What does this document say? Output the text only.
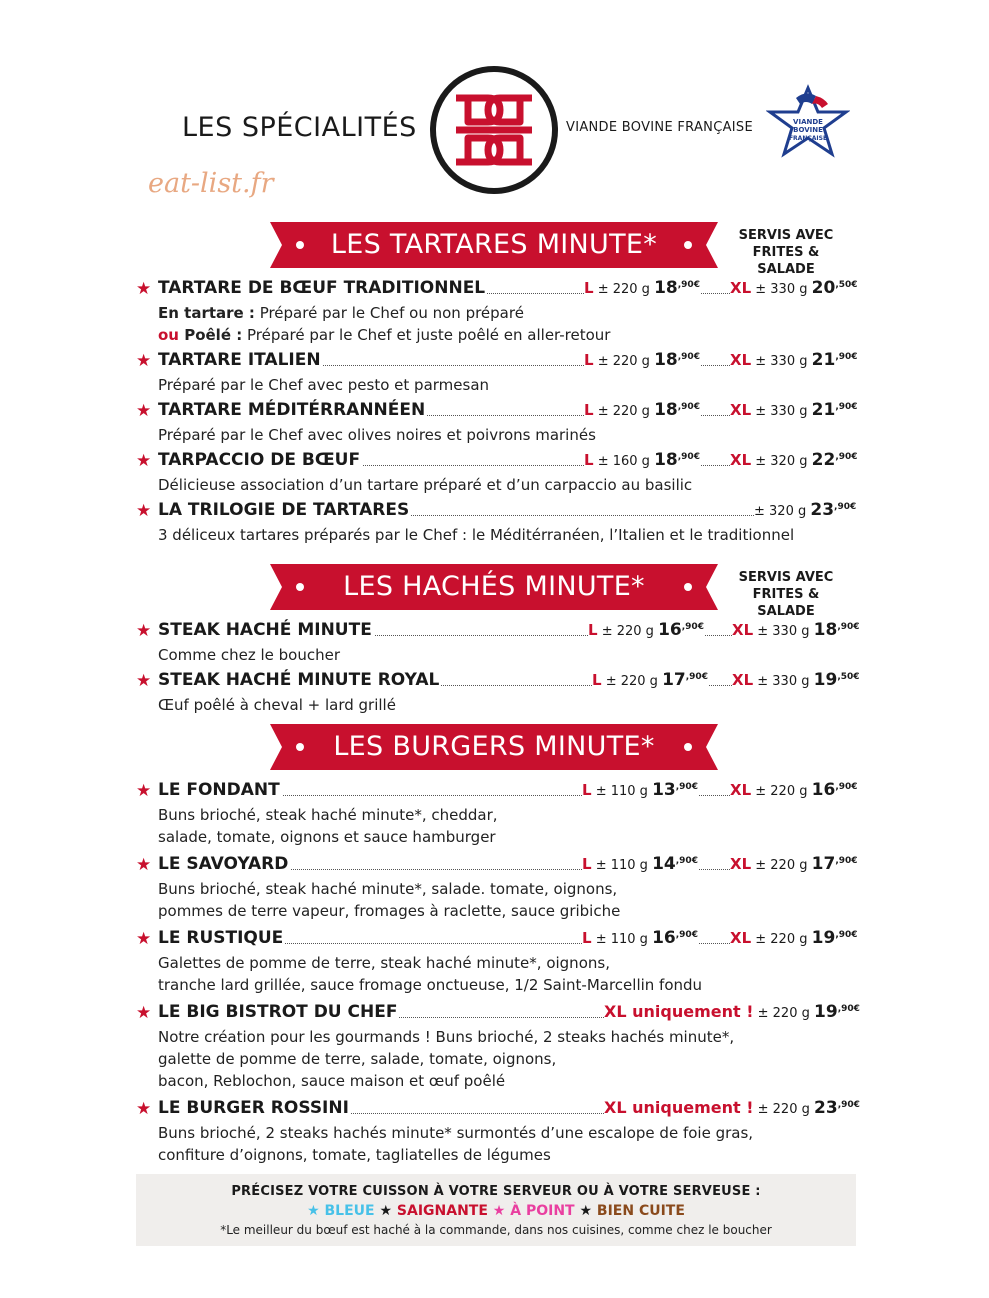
LES SPÉCIALITÉS	VIANDE BOVINE FRANÇAISE	VIANDE
BOVINE
FRANÇAISE
eat-list.fr
LES TARTARES MINUTE*	SERVIS AVEC
FRITES & SALADE
★ TARTARE DE BŒUF TRADITIONNEL	L ± 220 g $18^{,90€}$ XL ± 330 g $20^{,50€}$
En tartare : Préparé par le Chef ou non préparé
ou Poêlé : Préparé par le Chef et juste poêlé en aller-retour
★ TARTARE ITALIEN	L ± 220 g $18^{,90€}$ XL ± 330 g $21^{,90€}$
Préparé par le Chef avec pesto et parmesan
★ TARTARE MÉDITÉRRANNÉEN	L ± 220 g $18^{,90€}$ XL ± 330 g $21^{,90€}$
Préparé par le Chef avec olives noires et poivrons marinés
★ TARPACCIO DE BŒUF	L ± 160 g $18^{,90€}$ XL ± 320 g $22^{,90€}$
Délicieuse association d’un tartare préparé et d’un carpaccio au basilic
★ LA TRILOGIE DE TARTARES	± 320 g $23^{,90€}$
3 déliceux tartares préparés par le Chef : le Méditérranéen, l’Italien et le traditionnel
LES HACHÉS MINUTE*	SERVIS AVEC
FRITES & SALADE
★ STEAK HACHÉ MINUTE	L ± 220 g $16^{,90€}$ XL ± 330 g $18^{,90€}$
Comme chez le boucher
★ STEAK HACHÉ MINUTE ROYAL	L ± 220 g $17^{,90€}$ XL ± 330 g $19^{,50€}$
Œuf poêlé à cheval + lard grillé
LES BURGERS MINUTE*
★ LE FONDANT	L ± 110 g $13^{,90€}$ XL ± 220 g $16^{,90€}$
Buns brioché, steak haché minute*, cheddar,
salade, tomate, oignons et sauce hamburger
★ LE SAVOYARD	L ± 110 g $14^{,90€}$ XL ± 220 g $17^{,90€}$
Buns brioché, steak haché minute*, salade. tomate, oignons,
pommes de terre vapeur, fromages à raclette, sauce gribiche
★ LE RUSTIQUE	L ± 110 g $16^{,90€}$ XL ± 220 g $19^{,90€}$
Galettes de pomme de terre, steak haché minute*, oignons,
tranche lard grillée, sauce fromage onctueuse, 1/2 Saint-Marcellin fondu
★ LE BIG BISTROT DU CHEF	XL uniquement ! ± 220 g $19^{,90€}$
Notre création pour les gourmands ! Buns brioché, 2 steaks hachés minute*,
galette de pomme de terre, salade, tomate, oignons,
bacon, Reblochon, sauce maison et œuf poêlé
★ LE BURGER ROSSINI	XL uniquement ! ± 220 g $23^{,90€}$
Buns brioché, 2 steaks hachés minute* surmontés d’une escalope de foie gras,
confiture d’oignons, tomate, tagliatelles de légumes
PRÉCISEZ VOTRE CUISSON À VOTRE SERVEUR OU À VOTRE SERVEUSE :
★ BLEUE ★ SAIGNANTE ★ À POINT ★ BIEN CUITE
*Le meilleur du bœuf est haché à la commande, dans nos cuisines, comme chez le boucher
